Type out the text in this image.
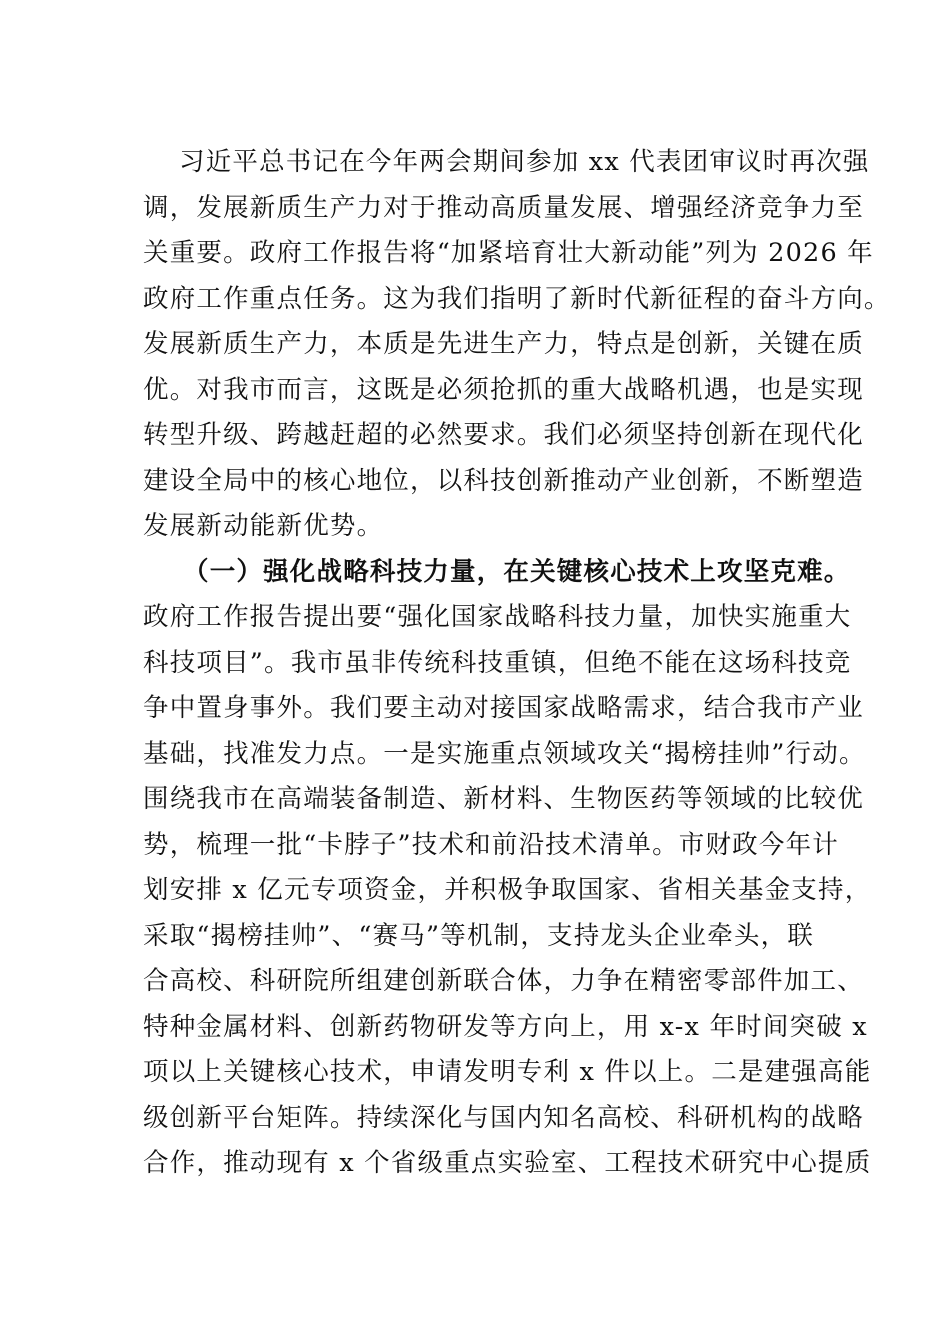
习近平总书记在今年两会期间参加 xx 代表团审议时再次强
调，发展新质生产力对于推动高质量发展、增强经济竞争力至
关重要。政府工作报告将“加紧培育壮大新动能”列为 2026 年
政府工作重点任务。这为我们指明了新时代新征程的奋斗方向。
发展新质生产力，本质是先进生产力，特点是创新，关键在质
优。对我市而言，这既是必须抢抓的重大战略机遇，也是实现
转型升级、跨越赶超的必然要求。我们必须坚持创新在现代化
建设全局中的核心地位，以科技创新推动产业创新，不断塑造
发展新动能新优势。
（一）强化战略科技力量，在关键核心技术上攻坚克难。
政府工作报告提出要“强化国家战略科技力量，加快实施重大
科技项目”。我市虽非传统科技重镇，但绝不能在这场科技竞
争中置身事外。我们要主动对接国家战略需求，结合我市产业
基础，找准发力点。一是实施重点领域攻关“揭榜挂帅”行动。
围绕我市在高端装备制造、新材料、生物医药等领域的比较优
势，梳理一批“卡脖子”技术和前沿技术清单。市财政今年计
划安排 x 亿元专项资金，并积极争取国家、省相关基金支持，
采取“揭榜挂帅”、“赛马”等机制，支持龙头企业牵头，联
合高校、科研院所组建创新联合体，力争在精密零部件加工、
特种金属材料、创新药物研发等方向上，用 x-x 年时间突破 x
项以上关键核心技术，申请发明专利 x 件以上。二是建强高能
级创新平台矩阵。持续深化与国内知名高校、科研机构的战略
合作，推动现有 x 个省级重点实验室、工程技术研究中心提质
